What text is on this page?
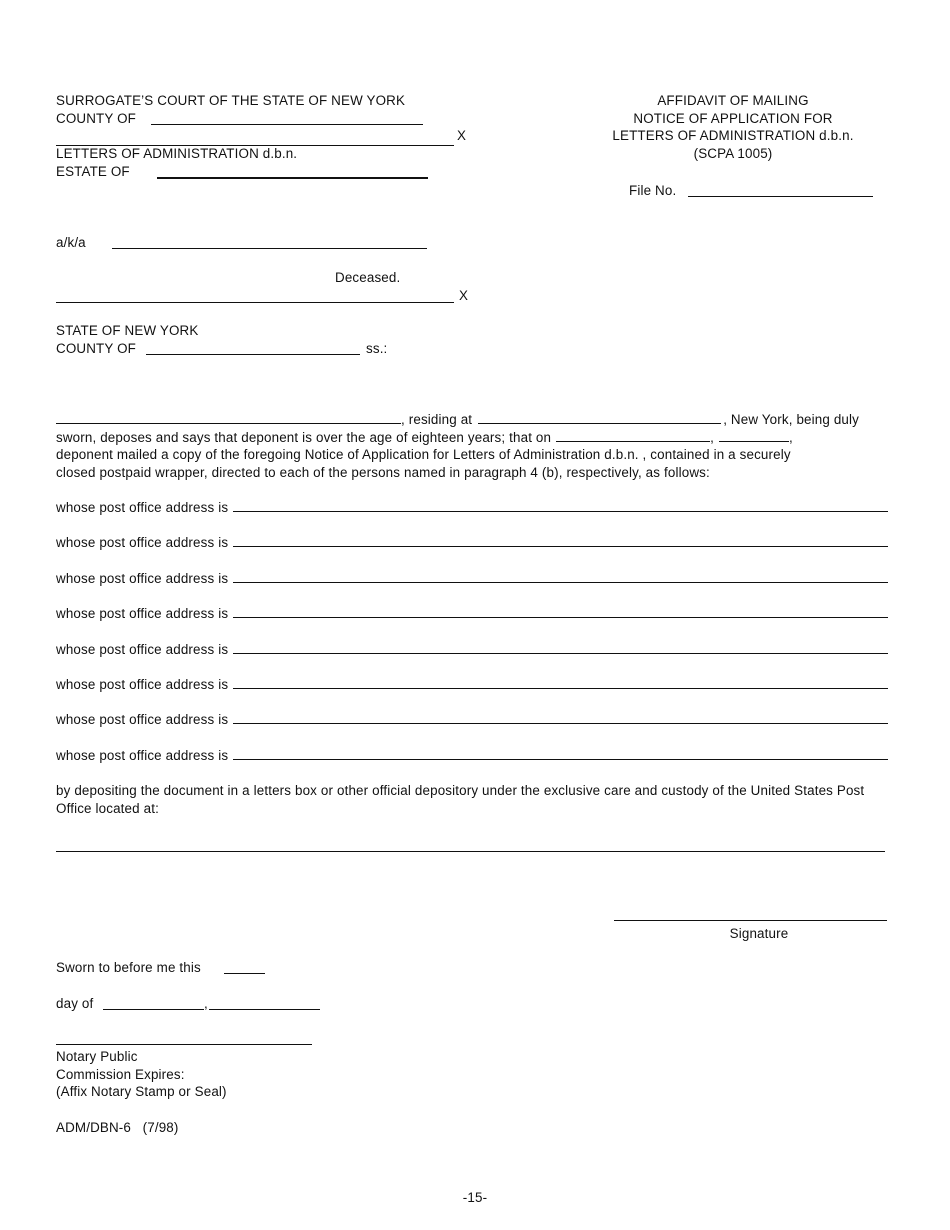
SURROGATE’S COURT OF THE STATE OF NEW YORK
COUNTY OF
X
LETTERS OF ADMINISTRATION d.b.n.
ESTATE OF
a/k/a
Deceased.
X
AFFIDAVIT OF MAILING
NOTICE OF APPLICATION FOR
LETTERS OF ADMINISTRATION d.b.n.
(SCPA 1005)
File No.
STATE OF NEW YORK
COUNTY OF	ss.:
, residing at	, New York, being duly
sworn, deposes and says that deponent is over the age of eighteen years; that on	,	,
deponent mailed a copy of the foregoing Notice of Application for Letters of Administration d.b.n. , contained in a securely
closed postpaid wrapper, directed to each of the persons named in paragraph 4 (b), respectively, as follows:
whose post office address is
whose post office address is
whose post office address is
whose post office address is
whose post office address is
whose post office address is
whose post office address is
whose post office address is
by depositing the document in a letters box or other official depository under the exclusive care and custody of the United States Post Office located at:
Signature
Sworn to before me this
day of	,
Notary Public
Commission Expires:
(Affix Notary Stamp or Seal)
ADM/DBN-6   (7/98)
-15-
